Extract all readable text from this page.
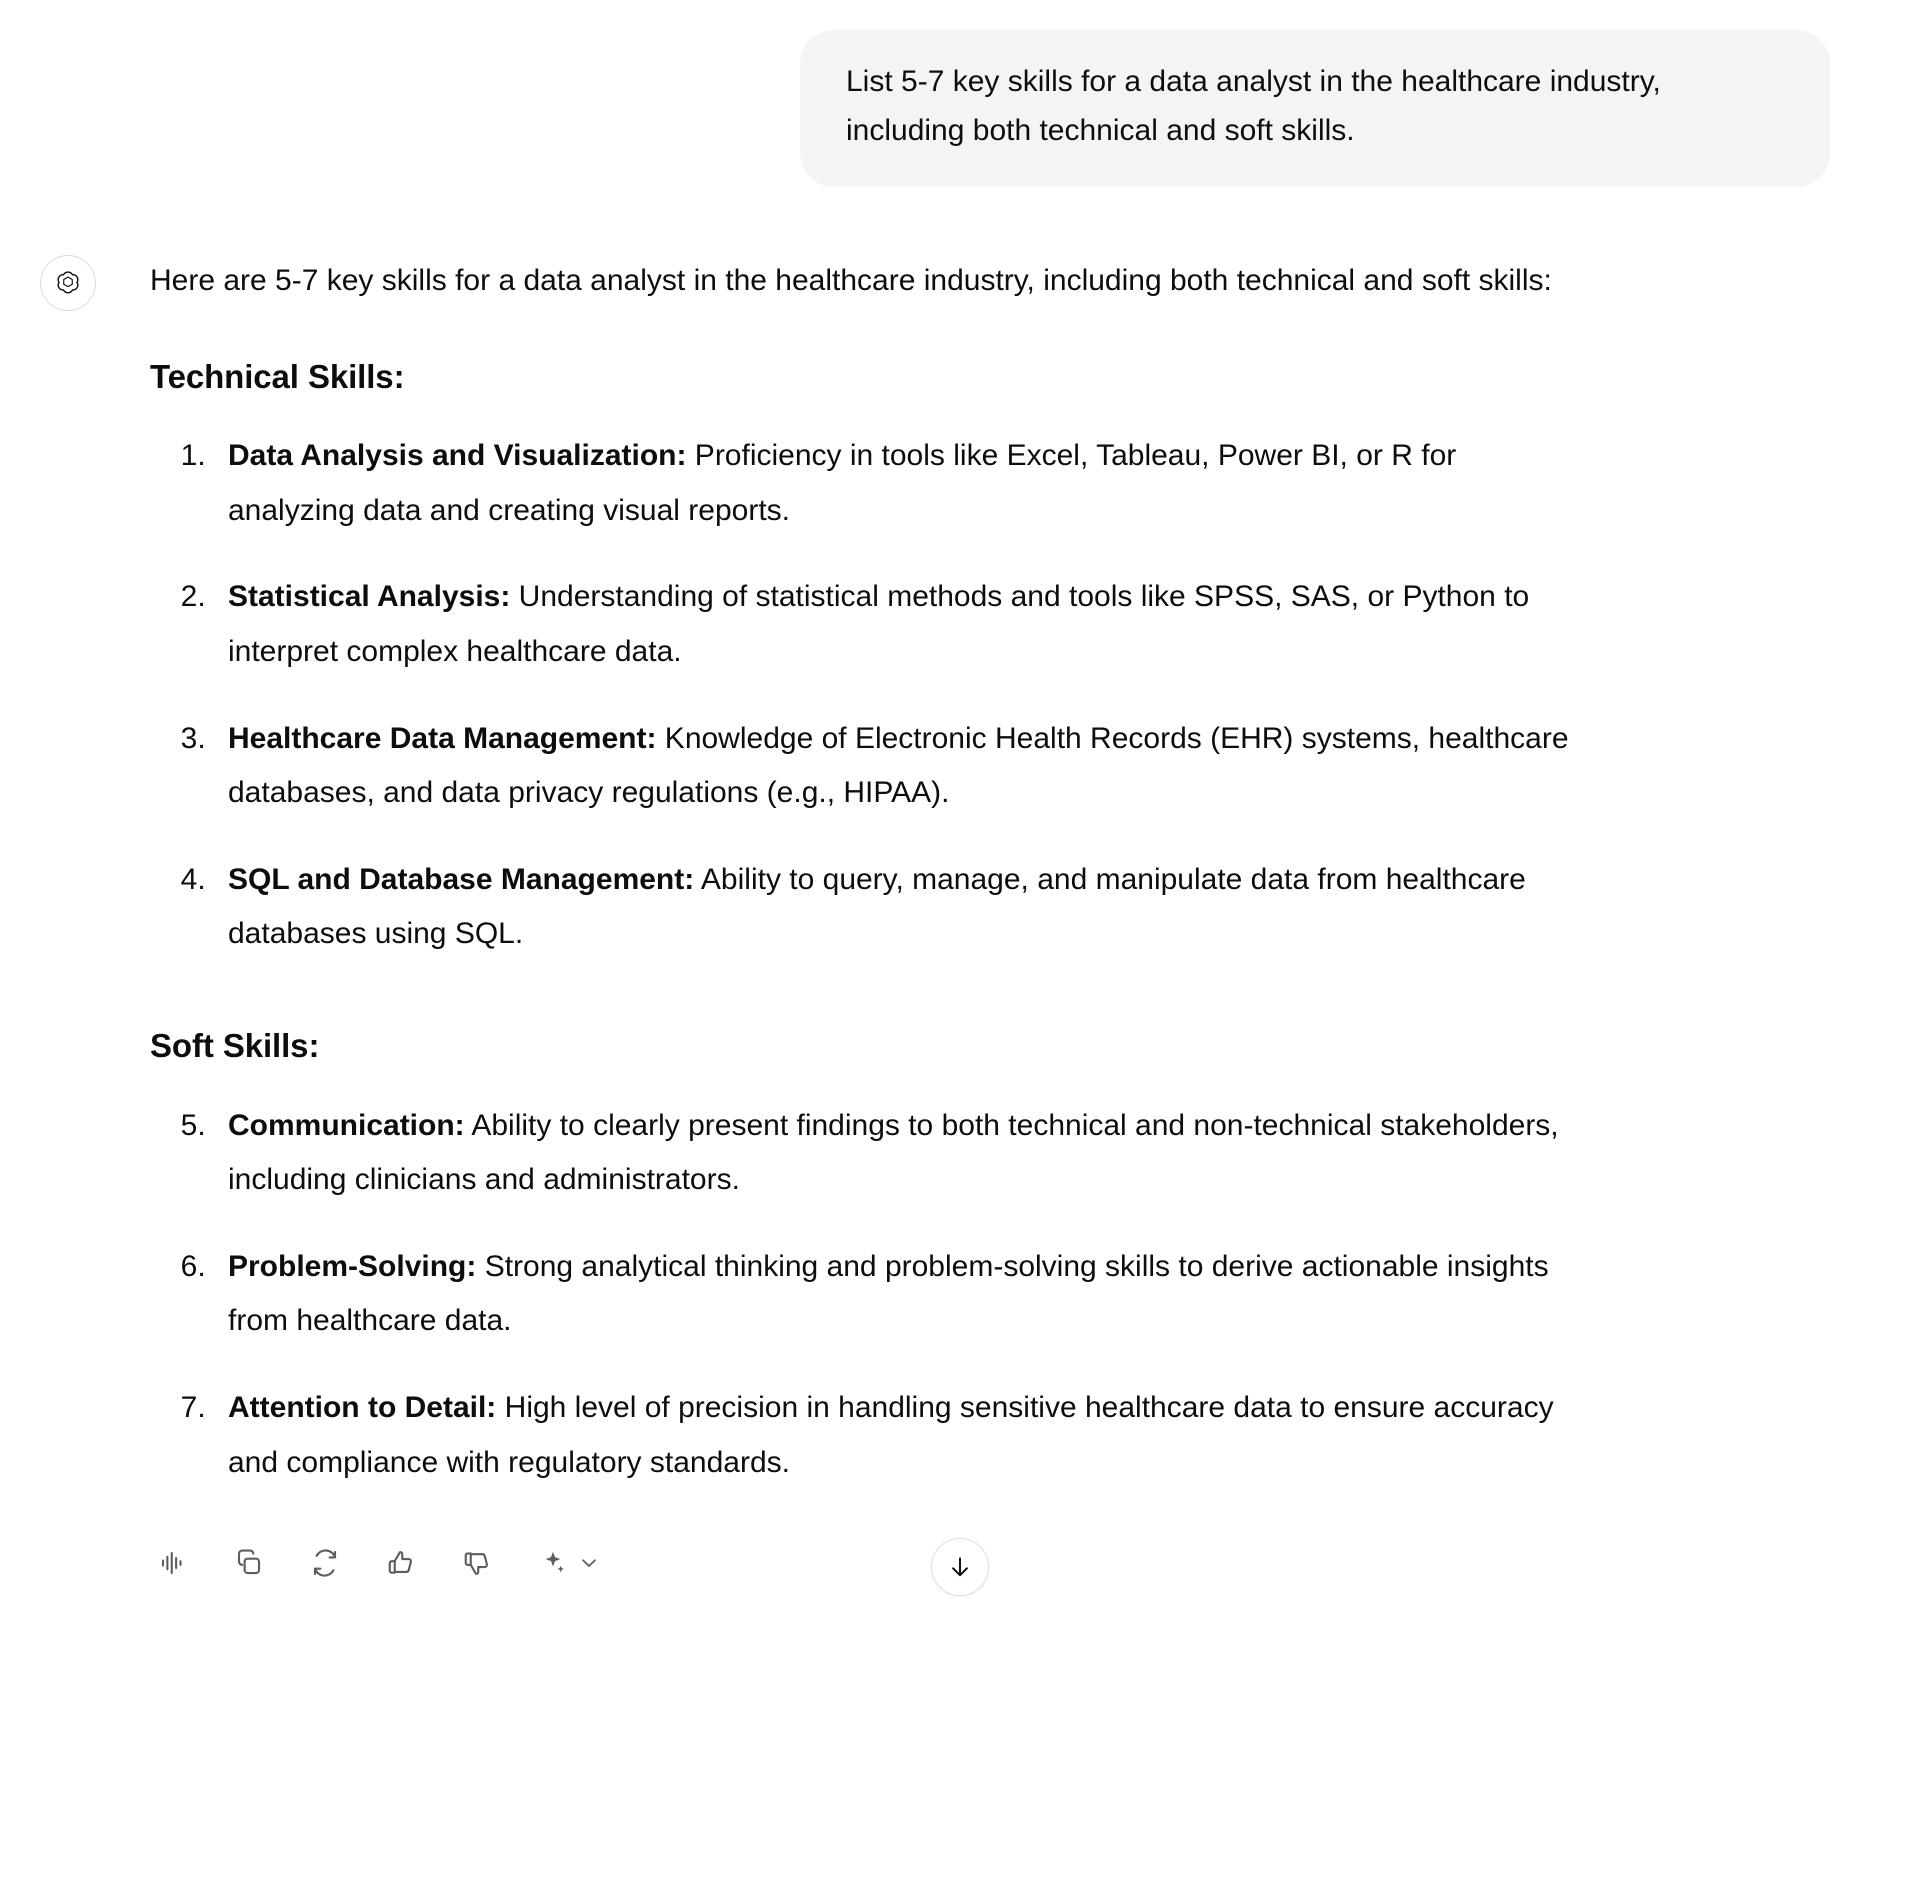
List 5-7 key skills for a data analyst in the healthcare industry, including both technical and soft skills.

Here are 5-7 key skills for a data analyst in the healthcare industry, including both technical and soft skills:

Technical Skills:
1. Data Analysis and Visualization: Proficiency in tools like Excel, Tableau, Power BI, or R for analyzing data and creating visual reports.
2. Statistical Analysis: Understanding of statistical methods and tools like SPSS, SAS, or Python to interpret complex healthcare data.
3. Healthcare Data Management: Knowledge of Electronic Health Records (EHR) systems, healthcare databases, and data privacy regulations (e.g., HIPAA).
4. SQL and Database Management: Ability to query, manage, and manipulate data from healthcare databases using SQL.
Soft Skills:
5. Communication: Ability to clearly present findings to both technical and non-technical stakeholders, including clinicians and administrators.
6. Problem-Solving: Strong analytical thinking and problem-solving skills to derive actionable insights from healthcare data.
7. Attention to Detail: High level of precision in handling sensitive healthcare data to ensure accuracy and compliance with regulatory standards.
